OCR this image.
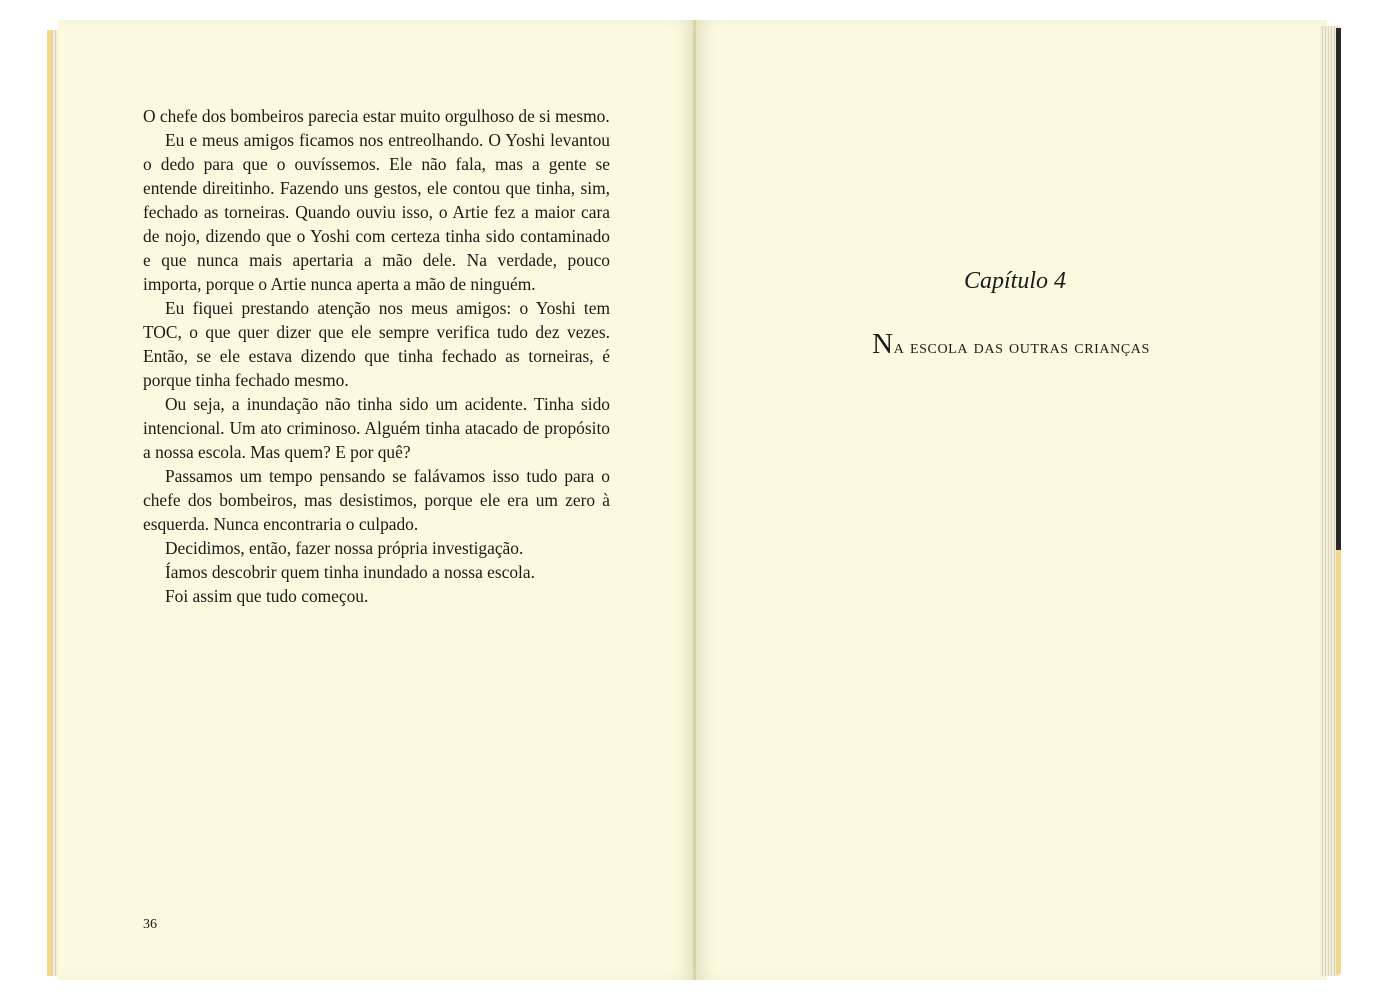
O chefe dos bombeiros parecia estar muito orgulhoso de si mesmo.

Eu e meus amigos ficamos nos entreolhando. O Yoshi levantou o dedo para que o ouvíssemos. Ele não fala, mas a gente se entende direitinho. Fazendo uns gestos, ele contou que tinha, sim, fechado as torneiras. Quando ouviu isso, o Artie fez a maior cara de nojo, dizendo que o Yoshi com certeza tinha sido contaminado e que nunca mais apertaria a mão dele. Na verdade, pouco importa, porque o Artie nunca aperta a mão de ninguém.

Eu fiquei prestando atenção nos meus amigos: o Yoshi tem TOC, o que quer dizer que ele sempre verifica tudo dez vezes. Então, se ele estava dizendo que tinha fechado as torneiras, é porque tinha fechado mesmo.

Ou seja, a inundação não tinha sido um acidente. Tinha sido intencional. Um ato criminoso. Alguém tinha atacado de propósito a nossa escola. Mas quem? E por quê?

Passamos um tempo pensando se falávamos isso tudo para o chefe dos bombeiros, mas desistimos, porque ele era um zero à esquerda. Nunca encontraria o culpado.

Decidimos, então, fazer nossa própria investigação.

Íamos descobrir quem tinha inundado a nossa escola.

Foi assim que tudo começou.

36
Capítulo 4
Na escola das outras crianças
